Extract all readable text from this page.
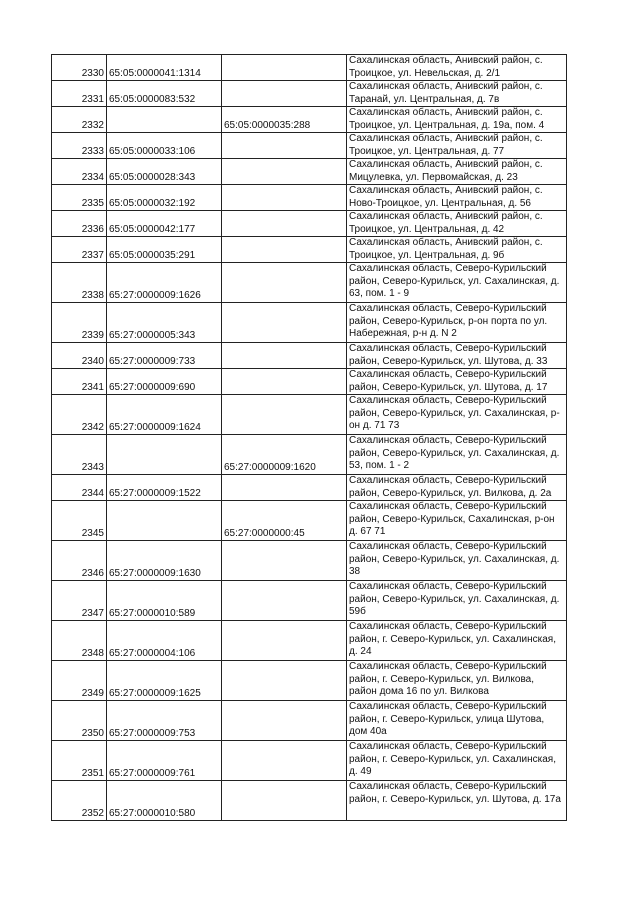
2330	65:05:0000041:1314		Сахалинская область, Анивский район, с. Троицкое, ул. Невельская, д. 2/1
2331	65:05:0000083:532		Сахалинская область, Анивский район, с. Таранай, ул. Центральная, д. 7в
2332		65:05:0000035:288	Сахалинская область, Анивский район, с. Троицкое, ул. Центральная, д. 19а, пом. 4
2333	65:05:0000033:106		Сахалинская область, Анивский район, с. Троицкое, ул. Центральная, д. 77
2334	65:05:0000028:343		Сахалинская область, Анивский район, с. Мицулевка, ул. Первомайская, д. 23
2335	65:05:0000032:192		Сахалинская область, Анивский район, с. Ново-Троицкое, ул. Центральная, д. 56
2336	65:05:0000042:177		Сахалинская область, Анивский район, с. Троицкое, ул. Центральная, д. 42
2337	65:05:0000035:291		Сахалинская область, Анивский район, с. Троицкое, ул. Центральная, д. 9б
2338	65:27:0000009:1626		Сахалинская область, Северо-Курильский район, Северо-Курильск, ул. Сахалинская, д. 63, пом. 1 - 9
2339	65:27:0000005:343		Сахалинская область, Северо-Курильский район, Северо-Курильск, р-он порта по ул. Набережная, р-н д. N 2
2340	65:27:0000009:733		Сахалинская область, Северо-Курильский район, Северо-Курильск, ул. Шутова, д. 33
2341	65:27:0000009:690		Сахалинская область, Северо-Курильский район, Северо-Курильск, ул. Шутова, д. 17
2342	65:27:0000009:1624		Сахалинская область, Северо-Курильский район, Северо-Курильск, ул. Сахалинская, р-он д. 71 73
2343		65:27:0000009:1620	Сахалинская область, Северо-Курильский район, Северо-Курильск, ул. Сахалинская, д. 53, пом. 1 - 2
2344	65:27:0000009:1522		Сахалинская область, Северо-Курильский район, Северо-Курильск, ул. Вилкова, д. 2а
2345		65:27:0000000:45	Сахалинская область, Северо-Курильский район, Северо-Курильск, Сахалинская, р-он д. 67 71
2346	65:27:0000009:1630		Сахалинская область, Северо-Курильский район, Северо-Курильск, ул. Сахалинская, д. 38
2347	65:27:0000010:589		Сахалинская область, Северо-Курильский район, Северо-Курильск, ул. Сахалинская, д. 59б
2348	65:27:0000004:106		Сахалинская область, Северо-Курильский район, г. Северо-Курильск, ул. Сахалинская, д. 24
2349	65:27:0000009:1625		Сахалинская область, Северо-Курильский район, г. Северо-Курильск, ул. Вилкова, район дома 16 по ул. Вилкова
2350	65:27:0000009:753		Сахалинская область, Северо-Курильский район, г. Северо-Курильск, улица Шутова, дом 40а
2351	65:27:0000009:761		Сахалинская область, Северо-Курильский район, г. Северо-Курильск, ул. Сахалинская, д. 49
2352	65:27:0000010:580		Сахалинская область, Северо-Курильский район, г. Северо-Курильск, ул. Шутова, д. 17а
